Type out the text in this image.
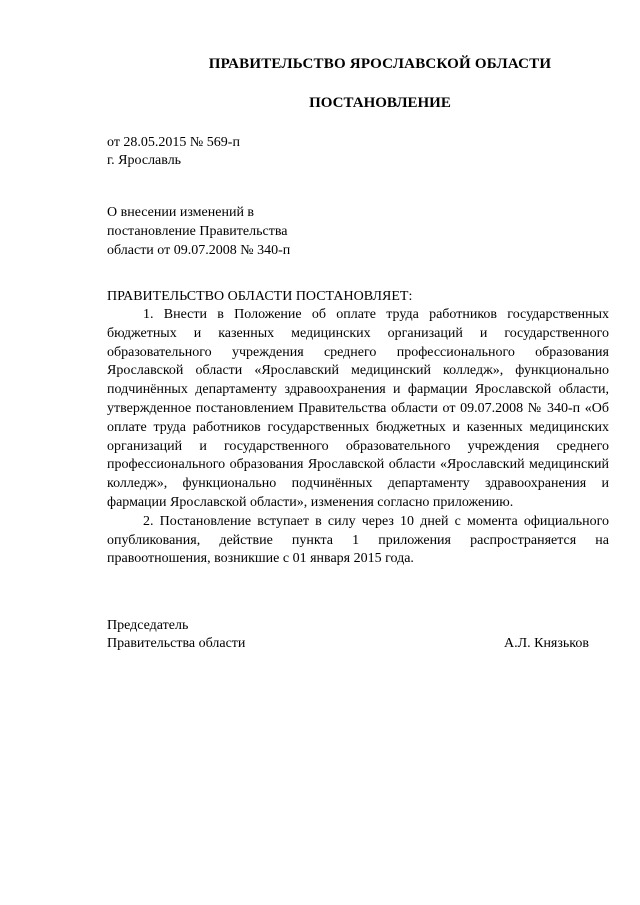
ПРАВИТЕЛЬСТВО ЯРОСЛАВСКОЙ ОБЛАСТИ
ПОСТАНОВЛЕНИЕ
от 28.05.2015 № 569-п
г. Ярославль
О внесении изменений в
постановление Правительства
области от 09.07.2008 № 340-п
ПРАВИТЕЛЬСТВО ОБЛАСТИ ПОСТАНОВЛЯЕТ:

1. Внести в Положение об оплате труда работников государственных бюджетных и казенных медицинских организаций и государственного образовательного учреждения среднего профессионального образования Ярославской области «Ярославский медицинский колледж», функционально подчинённых департаменту здравоохранения и фармации Ярославской области, утвержденное постановлением Правительства области от 09.07.2008 № 340-п «Об оплате труда работников государственных бюджетных и казенных медицинских организаций и государственного образовательного учреждения среднего профессионального образования Ярославской области «Ярославский медицинский колледж», функционально подчинённых департаменту здравоохранения и фармации Ярославской области», изменения согласно приложению.

2. Постановление вступает в силу через 10 дней с момента официального опубликования, действие пункта 1 приложения распространяется на правоотношения, возникшие с 01 января 2015 года.

Председатель
Правительства области	А.Л. Князьков
